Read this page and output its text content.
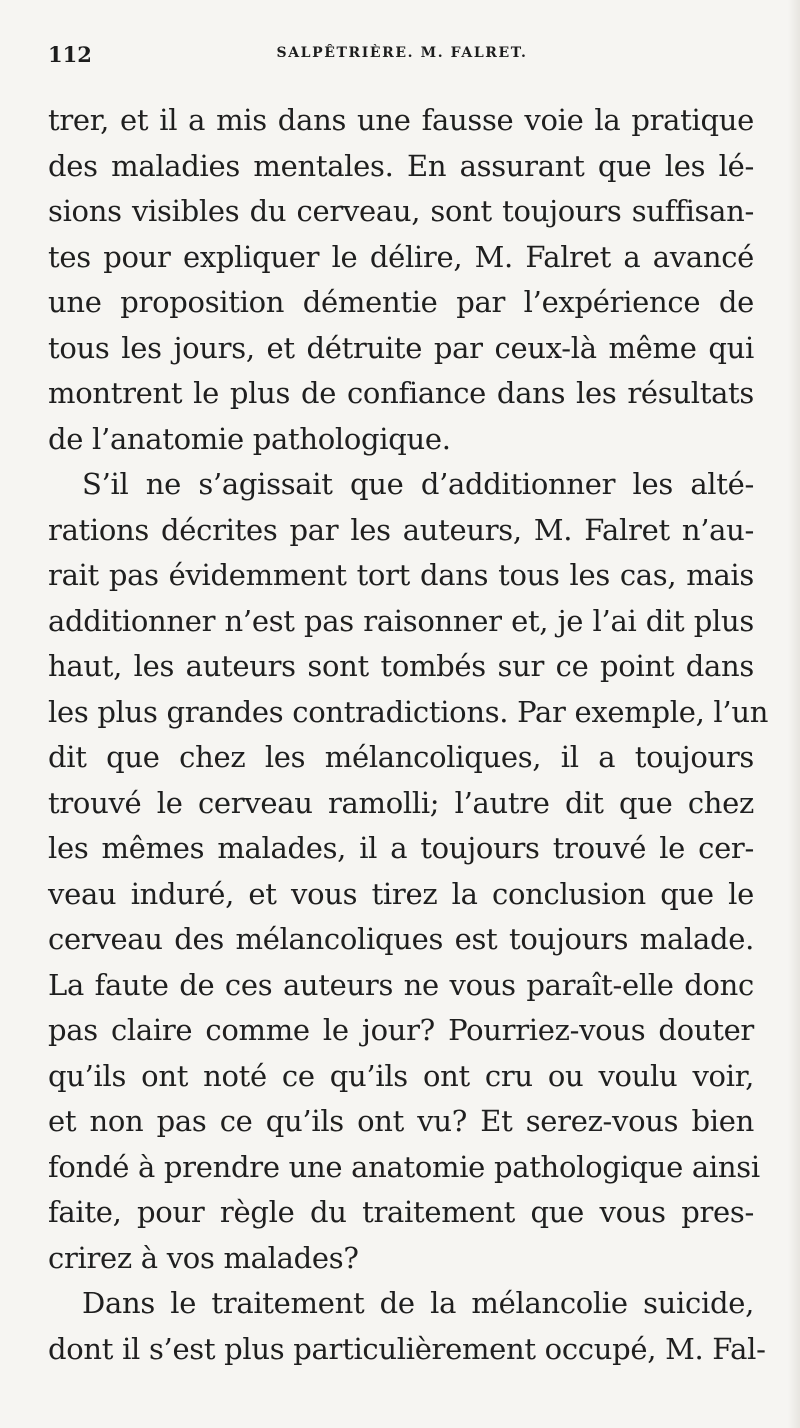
112	SALPÊTRIÈRE. M. FALRET.
trer, et il a mis dans une fausse voie la pratique
des maladies mentales. En assurant que les lé-
sions visibles du cerveau, sont toujours suffisan-
tes pour expliquer le délire, M. Falret a avancé
une proposition démentie par l’expérience de
tous les jours, et détruite par ceux-là même qui
montrent le plus de confiance dans les résultats
de l’anatomie pathologique.
S’il ne s’agissait que d’additionner les alté-
rations décrites par les auteurs, M. Falret n’au-
rait pas évidemment tort dans tous les cas, mais
additionner n’est pas raisonner et, je l’ai dit plus
haut, les auteurs sont tombés sur ce point dans
les plus grandes contradictions. Par exemple, l’un
dit que chez les mélancoliques, il a toujours
trouvé le cerveau ramolli; l’autre dit que chez
les mêmes malades, il a toujours trouvé le cer-
veau induré, et vous tirez la conclusion que le
cerveau des mélancoliques est toujours malade.
La faute de ces auteurs ne vous paraît-elle donc
pas claire comme le jour? Pourriez-vous douter
qu’ils ont noté ce qu’ils ont cru ou voulu voir,
et non pas ce qu’ils ont vu? Et serez-vous bien
fondé à prendre une anatomie pathologique ainsi
faite, pour règle du traitement que vous pres-
crirez à vos malades?
Dans le traitement de la mélancolie suicide,
dont il s’est plus particulièrement occupé, M. Fal-
